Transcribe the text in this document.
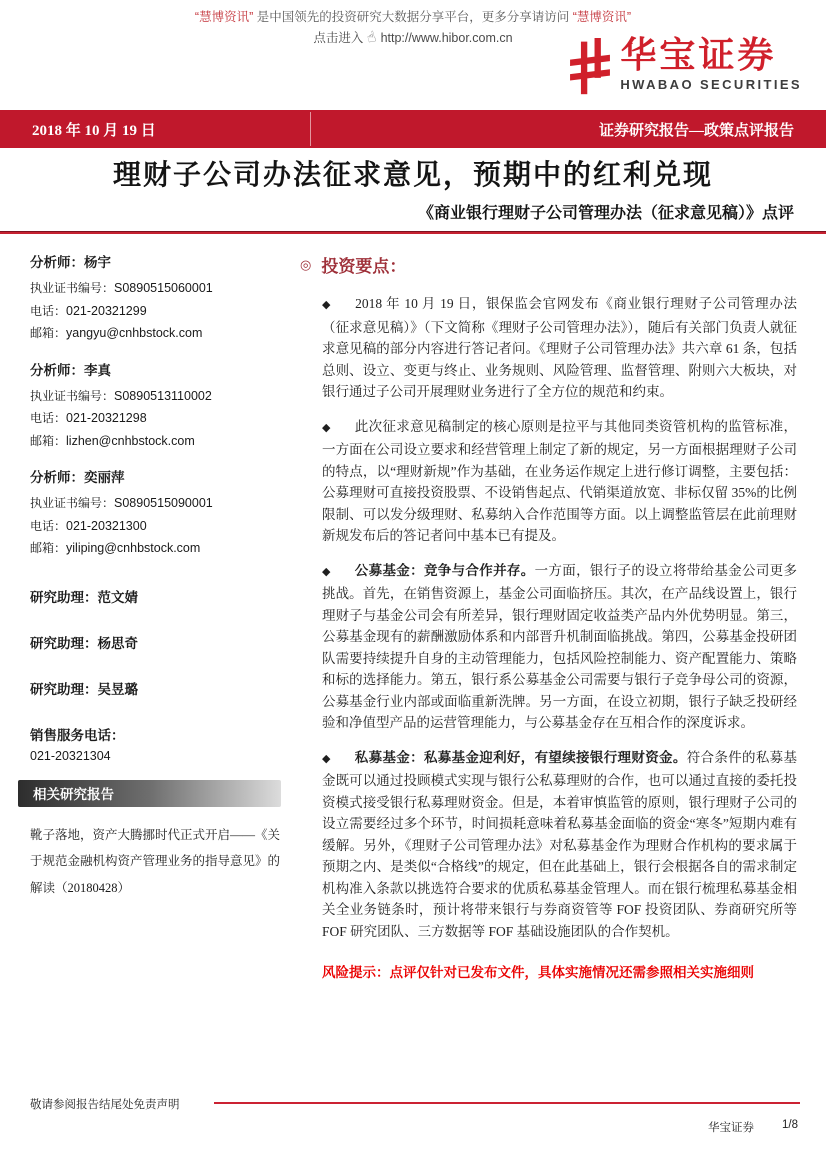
“慧博资讯” 是中国领先的投资研究大数据分享平台，更多分享请访问 “慧博资讯”
点击进入 ☝ http://www.hibor.com.cn	华宝证券
HWABAO SECURITIES
2018 年 10 月 19 日	证券研究报告—政策点评报告
理财子公司办法征求意见，预期中的红利兑现
《商业银行理财子公司管理办法（征求意见稿）》点评
分析师：杨宇
执业证书编号：S0890515060001
电话：021-20321299
邮箱：yangyu@cnhbstock.com
分析师：李真
执业证书编号：S0890513110002
电话：021-20321298
邮箱：lizhen@cnhbstock.com
分析师：奕丽萍
执业证书编号：S0890515090001
电话：021-20321300
邮箱：yiliping@cnhbstock.com
研究助理：范文婧
研究助理：杨思奇
研究助理：吴昱璐
销售服务电话：
021-20321304
相关研究报告
靴子落地，资产大腾挪时代正式开启——《关于规范金融机构资产管理业务的指导意见》的解读（20180428）
◎ 投资要点：
◆ 2018 年 10 月 19 日，银保监会官网发布《商业银行理财子公司管理办法（征求意见稿）》（下文简称《理财子公司管理办法》），随后有关部门负责人就征求意见稿的部分内容进行答记者问。《理财子公司管理办法》共六章 61 条，包括总则、设立、变更与终止、业务规则、风险管理、监督管理、附则六大板块，对银行通过子公司开展理财业务进行了全方位的规范和约束。
◆ 此次征求意见稿制定的核心原则是拉平与其他同类资管机构的监管标准，一方面在公司设立要求和经营管理上制定了新的规定，另一方面根据理财子公司的特点，以“理财新规”作为基础，在业务运作规定上进行修订调整，主要包括：公募理财可直接投资股票、不设销售起点、代销渠道放宽、非标仅留 35%的比例限制、可以发分级理财、私募纳入合作范围等方面。以上调整监管层在此前理财新规发布后的答记者问中基本已有提及。
◆ 公募基金：竞争与合作并存。一方面，银行子的设立将带给基金公司更多挑战。首先，在销售资源上，基金公司面临挤压。其次，在产品线设置上，银行理财子与基金公司会有所差异，银行理财固定收益类产品内外优势明显。第三，公募基金现有的薪酬激励体系和内部晋升机制面临挑战。第四，公募基金投研团队需要持续提升自身的主动管理能力，包括风险控制能力、资产配置能力、策略和标的选择能力。第五，银行系公募基金公司需要与银行子竞争母公司的资源，公募基金行业内部或面临重新洗牌。另一方面，在设立初期，银行子缺乏投研经验和净值型产品的运营管理能力，与公募基金存在互相合作的深度诉求。
◆ 私募基金：私募基金迎利好，有望续接银行理财资金。符合条件的私募基金既可以通过投顾模式实现与银行公私募理财的合作，也可以通过直接的委托投资模式接受银行私募理财资金。但是，本着审慎监管的原则，银行理财子公司的设立需要经过多个环节，时间损耗意味着私募基金面临的资金“寒冬”短期内难有缓解。另外，《理财子公司管理办法》对私募基金作为理财合作机构的要求属于预期之内、是类似“合格线”的规定，但在此基础上，银行会根据各自的需求制定机构准入条款以挑选符合要求的优质私募基金管理人。而在银行梳理私募基金相关全业务链条时，预计将带来银行与券商资管等 FOF 投资团队、券商研究所等 FOF 研究团队、三方数据等 FOF 基础设施团队的合作契机。
风险提示：点评仅针对已发布文件，具体实施情况还需参照相关实施细则
敬请参阅报告结尾处免责声明
华宝证券 1/8
